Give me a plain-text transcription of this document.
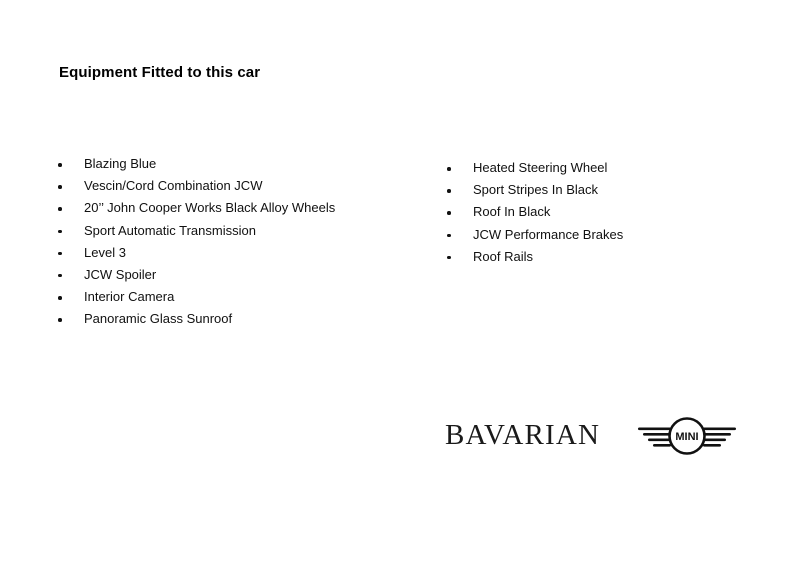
Equipment Fitted to this car
Blazing Blue
Vescin/Cord Combination JCW
20’’ John Cooper Works Black Alloy Wheels
Sport Automatic Transmission
Level 3
JCW Spoiler
Interior Camera
Panoramic Glass Sunroof
Heated Steering Wheel
Sport Stripes In Black
Roof In Black
JCW Performance Brakes
Roof Rails
BAVARIAN	MINI
